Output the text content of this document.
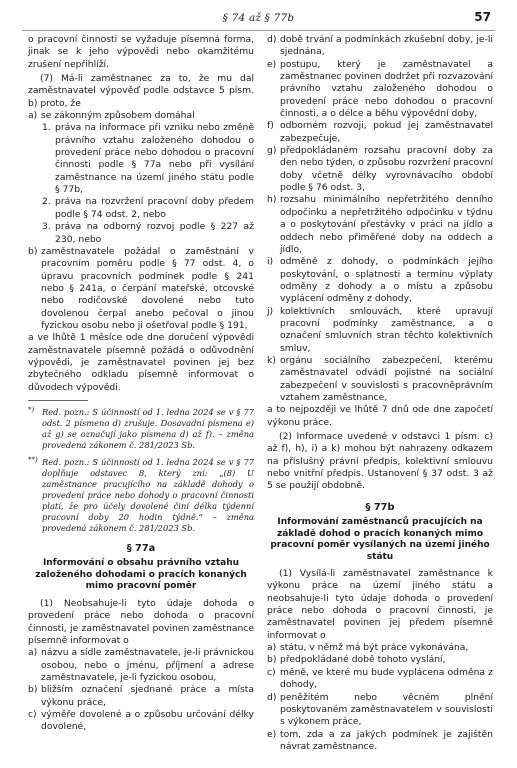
§ 74 až § 77b	57

o pracovní činnosti se vyžaduje písemná forma, jinak se k jeho výpovědi nebo okamžitému zrušení nepřihlíží.

(7) Má-li zaměstnanec za to, že mu dal zaměstnavatel výpověď podle odstavce 5 písm. b) proto, že

a) se zákonným způsobem domáhal
1. práva na informace při vzniku nebo změně právního vztahu založeného dohodou o provedení práce nebo dohodou o pracovní činnosti podle § 77a nebo při vysílání zaměstnance na území jiného státu podle § 77b,
2. práva na rozvržení pracovní doby předem podle § 74 odst. 2, nebo
3. práva na odborný rozvoj podle § 227 až 230, nebo
b) zaměstnavatele požádal o zaměstnání v pracovním poměru podle § 77 odst. 4, o úpravu pracovních podmínek podle § 241 nebo § 241a, o čerpání mateřské, otcovské nebo rodičovské dovolené nebo tuto dovolenou čerpal anebo pečoval o jinou fyzickou osobu nebo ji ošetřoval podle § 191,

a ve lhůtě 1 měsíce ode dne doručení výpovědi zaměstnavatele písemně požádá o odůvodnění výpovědi, je zaměstnavatel povinen jej bez zbytečného odkladu písemně informovat o důvodech výpovědi.

*) Red. pozn.: S účinností od 1. ledna 2024 se v § 77 odst. 2 písmeno d) zrušuje. Dosavadní písmena e) až g) se označují jako písmena d) až f). – změna provedená zákonem č. 281/2023 Sb.
**) Red. pozn.: S účinností od 1. ledna 2024 se v § 77 doplňuje odstavec 8, který zní: „(8) U zaměstnance pracujícího na základě dohody o provedení práce nebo dohody o pracovní činnosti platí, že pro účely dovolené činí délka týdenní pracovní doby 20 hodin týdně.“ – změna provedená zákonem č. 281/2023 Sb.
§ 77a
Informování o obsahu právního vztahu založeného dohodami o pracích konaných mimo pracovní poměr

(1) Neobsahuje-li tyto údaje dohoda o provedení práce nebo dohoda o pracovní činnosti, je zaměstnavatel povinen zaměstnance písemně informovat o

a) názvu a sídle zaměstnavatele, je-li právnickou osobou, nebo o jménu, příjmení a adrese zaměstnavatele, je-li fyzickou osobou,
b) bližším označení sjednané práce a místa výkonu práce,
c) výměře dovolené a o způsobu určování délky dovolené,
d) době trvání a podmínkách zkušební doby, je-li sjednána,
e) postupu, který je zaměstnavatel a zaměstnanec povinen dodržet při rozvazování právního vztahu založeného dohodou o provedení práce nebo dohodou o pracovní činnosti, a o délce a běhu výpovědní doby,
f) odborném rozvoji, pokud jej zaměstnavatel zabezpečuje,
g) předpokládaném rozsahu pracovní doby za den nebo týden, o způsobu rozvržení pracovní doby včetně délky vyrovnávacího období podle § 76 odst. 3,
h) rozsahu minimálního nepřetržitého denního odpočinku a nepřetržitého odpočinku v týdnu a o poskytování přestávky v práci na jídlo a oddech nebo přiměřené doby na oddech a jídlo,
i) odměně z dohody, o podmínkách jejího poskytování, o splatnosti a termínu výplaty odměny z dohody a o místu a způsobu vyplácení odměny z dohody,
j) kolektivních smlouvách, které upravují pracovní podmínky zaměstnance, a o označení smluvních stran těchto kolektivních smluv,
k) orgánu sociálního zabezpečení, kterému zaměstnavatel odvádí pojistné na sociální zabezpečení v souvislosti s pracovněprávním vztahem zaměstnance,

a to nejpozději ve lhůtě 7 dnů ode dne započetí výkonu práce.

(2) Informace uvedené v odstavci 1 písm. c) až f), h), i) a k) mohou být nahrazeny odkazem na příslušný právní předpis, kolektivní smlouvu nebo vnitřní předpis. Ustanovení § 37 odst. 3 až 5 se použijí obdobně.

§ 77b
Informování zaměstnanců pracujících na základě dohod o pracích konaných mimo pracovní poměr vysílaných na území jiného státu

(1) Vysílá-li zaměstnavatel zaměstnance k výkonu práce na území jiného státu a neobsahuje-li tyto údaje dohoda o provedení práce nebo dohoda o pracovní činnosti, je zaměstnavatel povinen jej předem písemně informovat o

a) státu, v němž má být práce vykonávána,
b) předpokládané době tohoto vyslání,
c) měně, ve které mu bude vyplácena odměna z dohody,
d) peněžitém nebo věcném plnění poskytovaném zaměstnavatelem v souvislosti s výkonem práce,
e) tom, zda a za jakých podmínek je zajištěn návrat zaměstnance.
